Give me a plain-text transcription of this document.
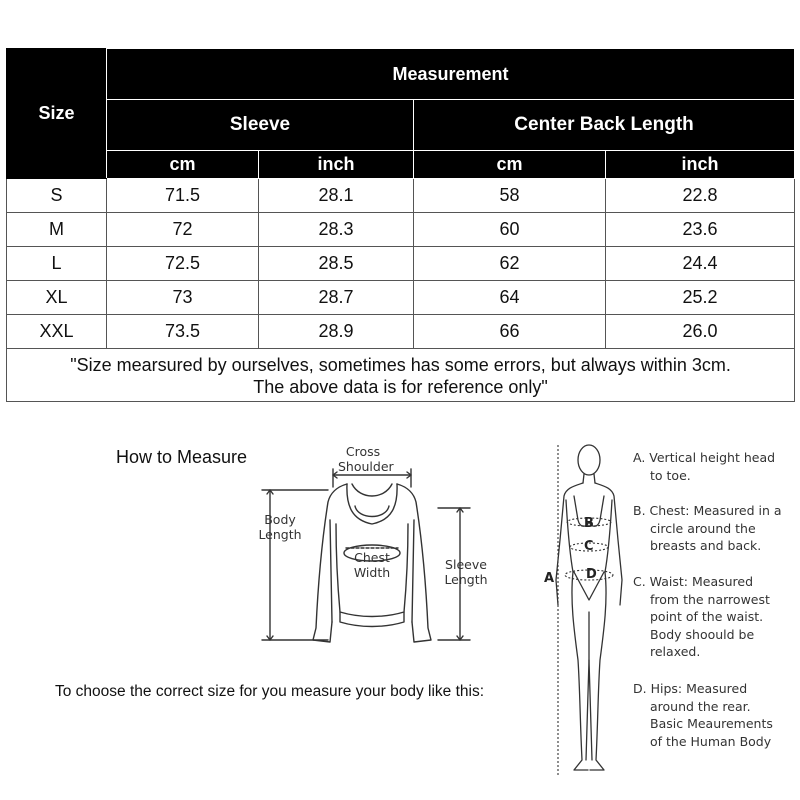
Size	Measurement			
	Sleeve		Center Back Length	
	cm	inch	cm	inch
S	71.5	28.1	58	22.8
M	72	28.3	60	23.6
L	72.5	28.5	62	24.4
XL	73	28.7	64	25.2
XXL	73.5	28.9	66	26.0
"Size mearsured by ourselves, sometimes has some errors, but always within 3cm.
The above data is for reference only"				
How to Measure	Cross
Shoulder
Body
Length
Chest
Width
Sleeve
Length
To choose the correct size for you measure your body like this:
B
C
D
A
A. Vertical height head
to toe.
B. Chest: Measured in a
circle around the
breasts and back.
C. Waist: Measured
from the narrowest
point of the waist.
Body shoould be
relaxed.
D. Hips: Measured
around the rear.
Basic Meaurements
of the Human Body
